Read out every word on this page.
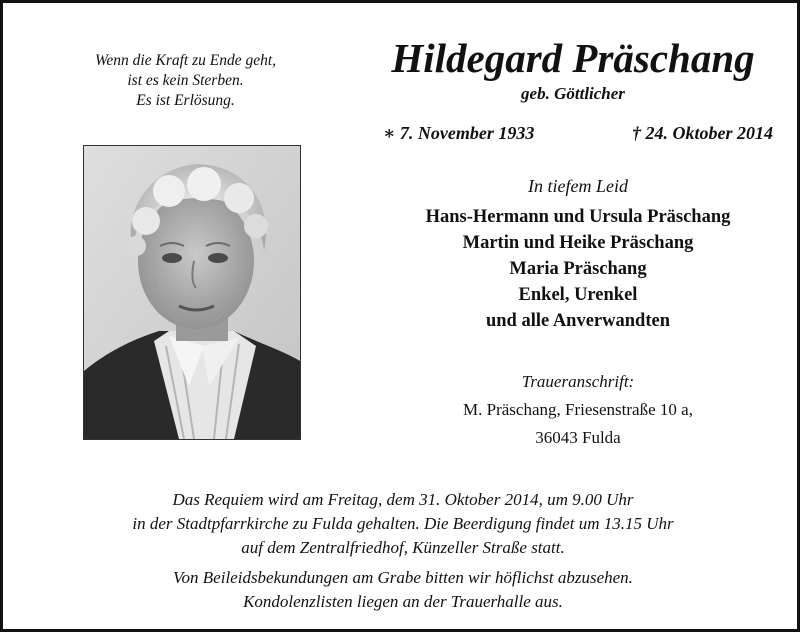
Wenn die Kraft zu Ende geht,
ist es kein Sterben.
Es ist Erlösung.
Hildegard Präschang
geb. Göttlicher
∗ 7. November 1933	† 24. Oktober 2014
In tiefem Leid
Hans-Hermann und Ursula Präschang
Martin und Heike Präschang
Maria Präschang
Enkel, Urenkel
und alle Anverwandten
Traueranschrift:
M. Präschang, Friesenstraße 10 a,
36043 Fulda
Das Requiem wird am Freitag, dem 31. Oktober 2014, um 9.00 Uhr
in der Stadtpfarrkirche zu Fulda gehalten. Die Beerdigung findet um 13.15 Uhr
auf dem Zentralfriedhof, Künzeller Straße statt.
Von Beileidsbekundungen am Grabe bitten wir höflichst abzusehen.
Kondolenzlisten liegen an der Trauerhalle aus.
